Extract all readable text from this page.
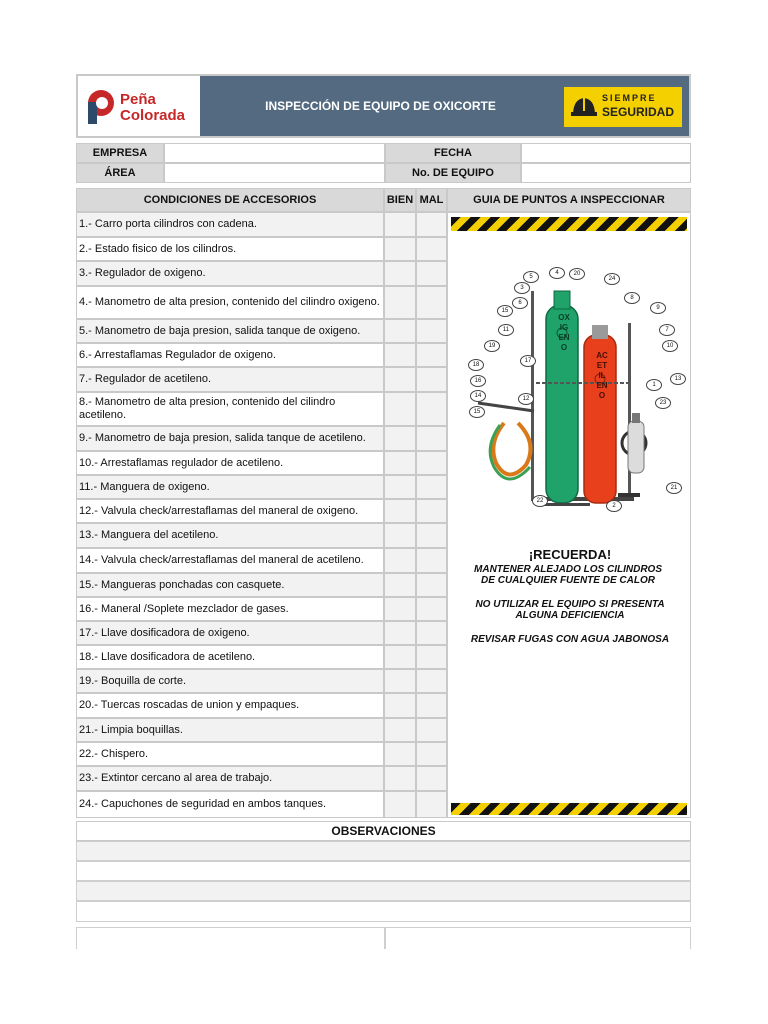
Peña
Colorada
INSPECCIÓN DE EQUIPO DE OXICORTE
SIEMPRE
SEGURIDAD
EMPRESA	FECHA
ÁREA	No. DE EQUIPO
CONDICIONES DE ACCESORIOS	BIEN MAL	GUIA DE PUNTOS A INSPECCIONAR
1.- Carro porta cilindros con cadena.
2.- Estado fisico de los cilindros.
3.- Regulador de oxigeno.
4.- Manometro de alta presion, contenido del cilindro oxigeno.
5.- Manometro de baja presion, salida tanque de oxigeno.
6.- Arrestaflamas Regulador de oxigeno.
7.- Regulador de acetileno.
8.- Manometro de alta presion, contenido del cilindro acetileno.
9.- Manometro de baja presion, salida tanque de acetileno.
10.- Arrestaflamas regulador de acetileno.
11.- Manguera de oxigeno.
12.- Valvula check/arrestaflamas del maneral de oxigeno.
13.- Manguera del acetileno.
14.- Valvula check/arrestaflamas del maneral de acetileno.
15.- Mangueras ponchadas con casquete.
16.- Maneral /Soplete mezclador de gases.
17.- Llave dosificadora de oxigeno.
18.- Llave dosificadora de acetileno.
19.- Boquilla de corte.
20.- Tuercas roscadas de union y empaques.
21.- Limpia boquillas.
22.- Chispero.
23.- Extintor cercano al area de trabajo.
24.- Capuchones de seguridad en ambos tanques.
1
2
3
4
5
6
7
8
9
10
11
12
13
14
15
16
17
18
19
20
21
22
23
24
15
OXIGENO
ACETILENO
¡RECUERDA!
MANTENER ALEJADO LOS CILINDROS DE CUALQUIER FUENTE DE CALOR
NO UTILIZAR EL EQUIPO SI PRESENTA ALGUNA DEFICIENCIA
REVISAR FUGAS CON AGUA JABONOSA
OBSERVACIONES
